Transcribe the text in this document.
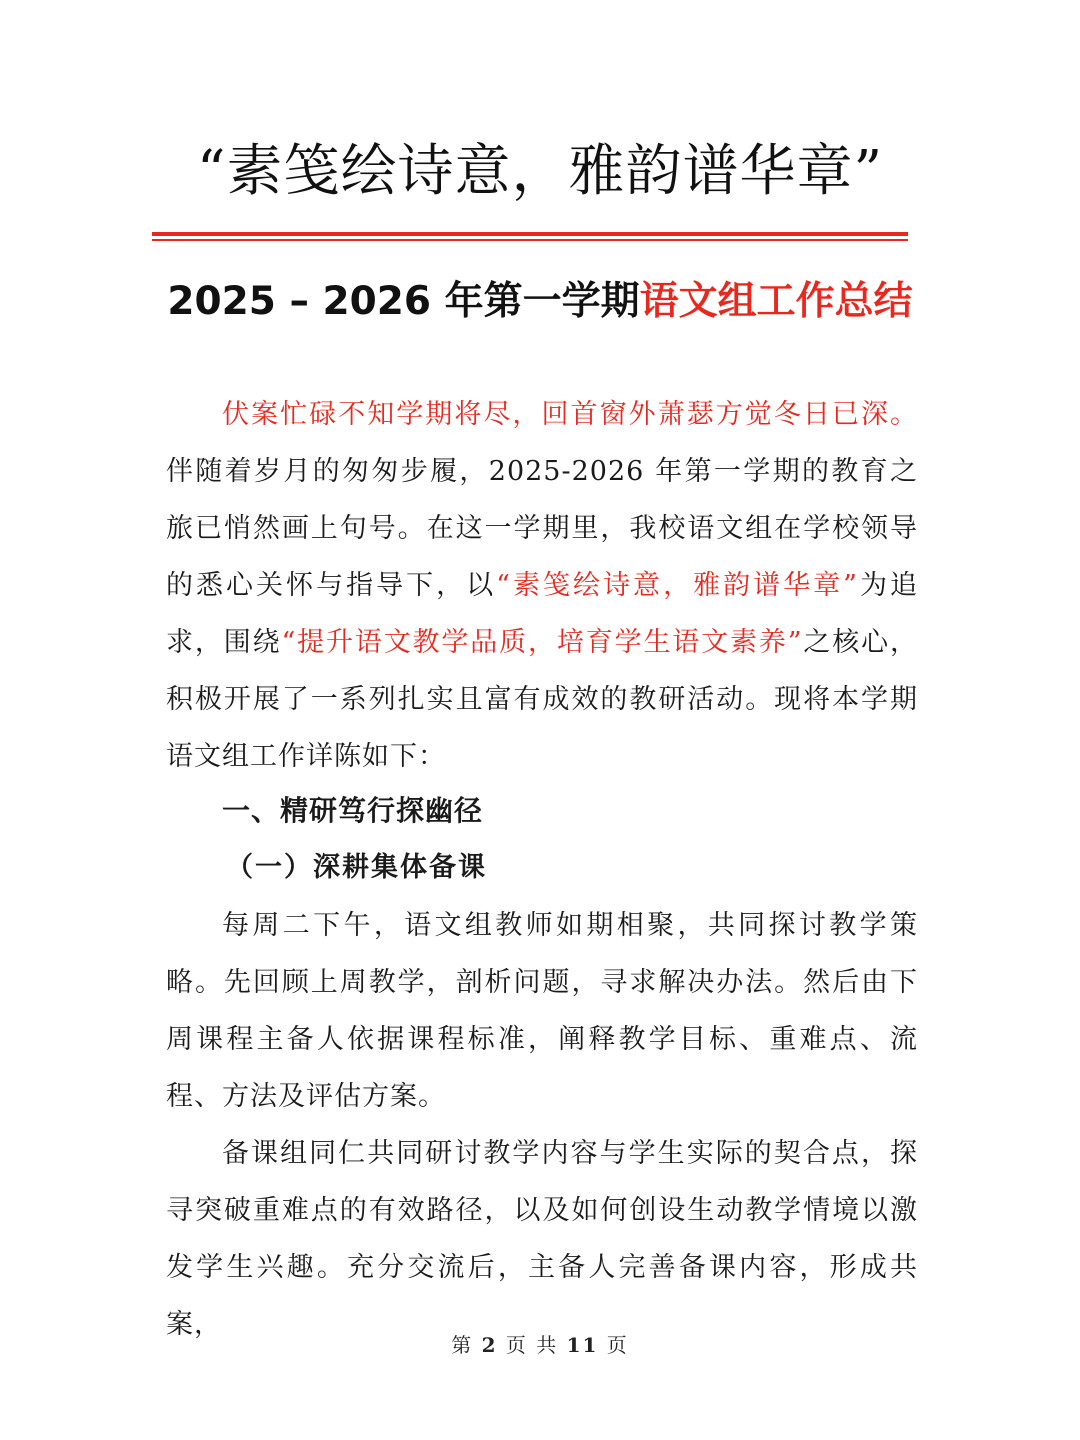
“素笺绘诗意，雅韵谱华章”
2025 – 2026 年第一学期语文组工作总结
伏案忙碌不知学期将尽，回首窗外萧瑟方觉冬日已深。伴随着岁月的匆匆步履，2025-2026 年第一学期的教育之旅已悄然画上句号。在这一学期里，我校语文组在学校领导的悉心关怀与指导下，以“素笺绘诗意，雅韵谱华章”为追求，围绕“提升语文教学品质，培育学生语文素养”之核心，积极开展了一系列扎实且富有成效的教研活动。现将本学期语文组工作详陈如下：
一、精研笃行探幽径
（一）深耕集体备课
每周二下午，语文组教师如期相聚，共同探讨教学策略。先回顾上周教学，剖析问题，寻求解决办法。然后由下周课程主备人依据课程标准，阐释教学目标、重难点、流程、方法及评估方案。
备课组同仁共同研讨教学内容与学生实际的契合点，探寻突破重难点的有效路径，以及如何创设生动教学情境以激发学生兴趣。充分交流后，主备人完善备课内容，形成共案，
第 2 页 共 11 页
